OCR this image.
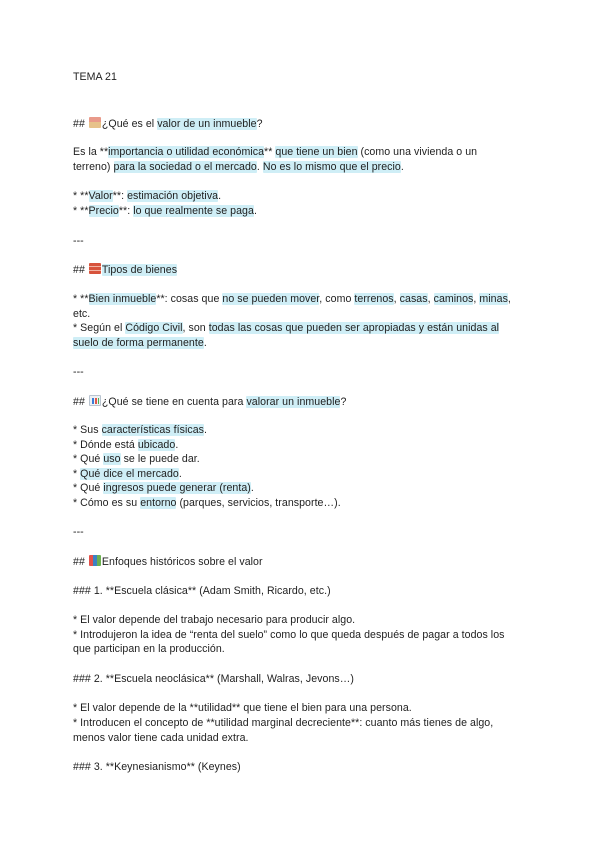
TEMA 21
## ¿Qué es el valor de un inmueble?
Es la **importancia o utilidad económica** que tiene un bien (como una vivienda o un
terreno) para la sociedad o el mercado. No es lo mismo que el precio.
* **Valor**: estimación objetiva.
* **Precio**: lo que realmente se paga.
---
## Tipos de bienes
* **Bien inmueble**: cosas que no se pueden mover, como terrenos, casas, caminos, minas,
etc.
* Según el Código Civil, son todas las cosas que pueden ser apropiadas y están unidas al
suelo de forma permanente.
---
## ¿Qué se tiene en cuenta para valorar un inmueble?
* Sus características físicas.
* Dónde está ubicado.
* Qué uso se le puede dar.
* Qué dice el mercado.
* Qué ingresos puede generar (renta).
* Cómo es su entorno (parques, servicios, transporte…).
---
## Enfoques históricos sobre el valor
### 1. **Escuela clásica** (Adam Smith, Ricardo, etc.)
* El valor depende del trabajo necesario para producir algo.
* Introdujeron la idea de “renta del suelo” como lo que queda después de pagar a todos los
que participan en la producción.
### 2. **Escuela neoclásica** (Marshall, Walras, Jevons…)
* El valor depende de la **utilidad** que tiene el bien para una persona.
* Introducen el concepto de **utilidad marginal decreciente**: cuanto más tienes de algo,
menos valor tiene cada unidad extra.
### 3. **Keynesianismo** (Keynes)
